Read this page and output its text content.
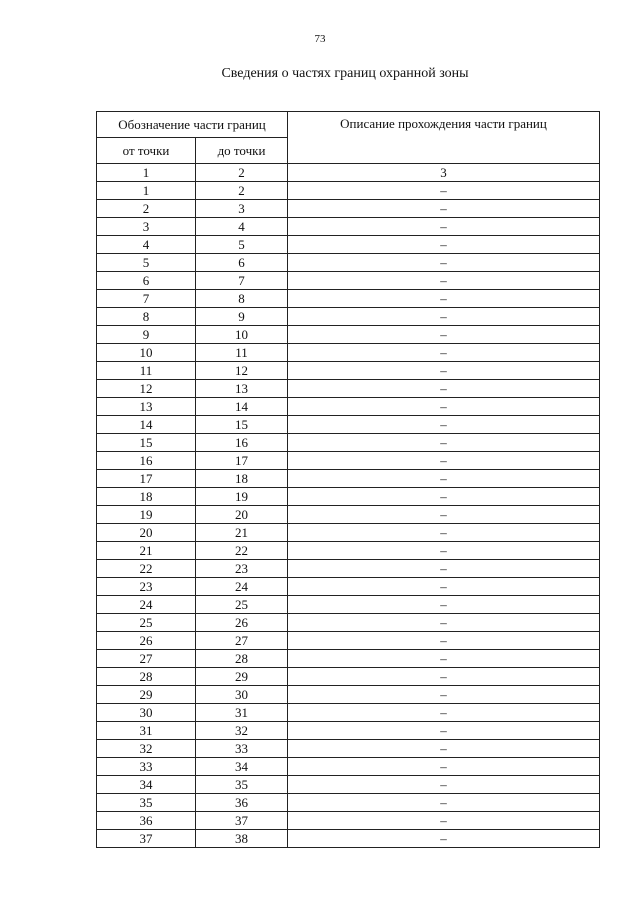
73
Сведения о частях границ охранной зоны
Обозначение части границ		Описание прохождения части границ
от точки	до точки	
1	2	3
1	2	–
2	3	–
3	4	–
4	5	–
5	6	–
6	7	–
7	8	–
8	9	–
9	10	–
10	11	–
11	12	–
12	13	–
13	14	–
14	15	–
15	16	–
16	17	–
17	18	–
18	19	–
19	20	–
20	21	–
21	22	–
22	23	–
23	24	–
24	25	–
25	26	–
26	27	–
27	28	–
28	29	–
29	30	–
30	31	–
31	32	–
32	33	–
33	34	–
34	35	–
35	36	–
36	37	–
37	38	–
